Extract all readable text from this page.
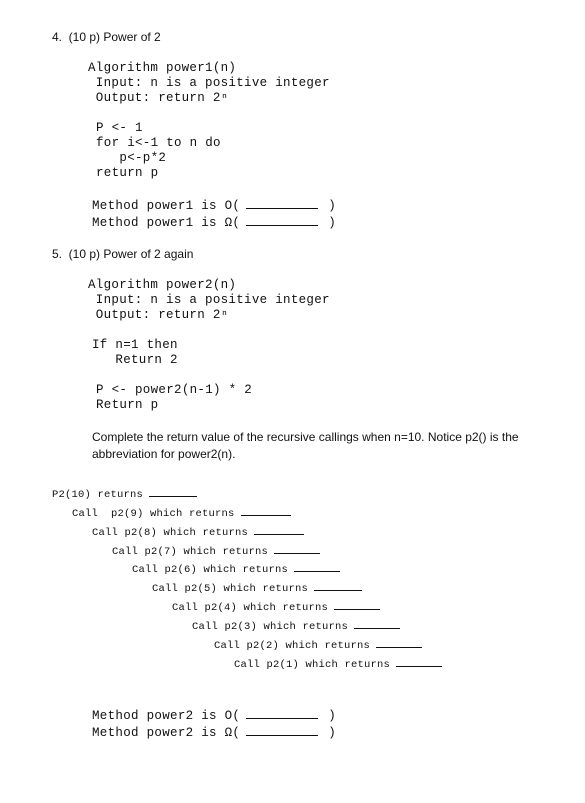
4.  (10 p) Power of 2
Algorithm power1(n)
Input: n is a positive integer
Output: return 2ⁿ
P <- 1
for i<-1 to n do
p<-p*2
return p
Method power1 is O(	)
Method power1 is Ω(	)
5.  (10 p) Power of 2 again
Algorithm power2(n)
Input: n is a positive integer
Output: return 2ⁿ
If n=1 then
Return 2
P <- power2(n-1) * 2
Return p
Complete the return value of the recursive callings when n=10. Notice p2() is the
abbreviation for power2(n).
P2(10) returns
Call  p2(9) which returns
Call p2(8) which returns
Call p2(7) which returns
Call p2(6) which returns
Call p2(5) which returns
Call p2(4) which returns
Call p2(3) which returns
Call p2(2) which returns
Call p2(1) which returns
Method power2 is O(	)
Method power2 is Ω(	)
